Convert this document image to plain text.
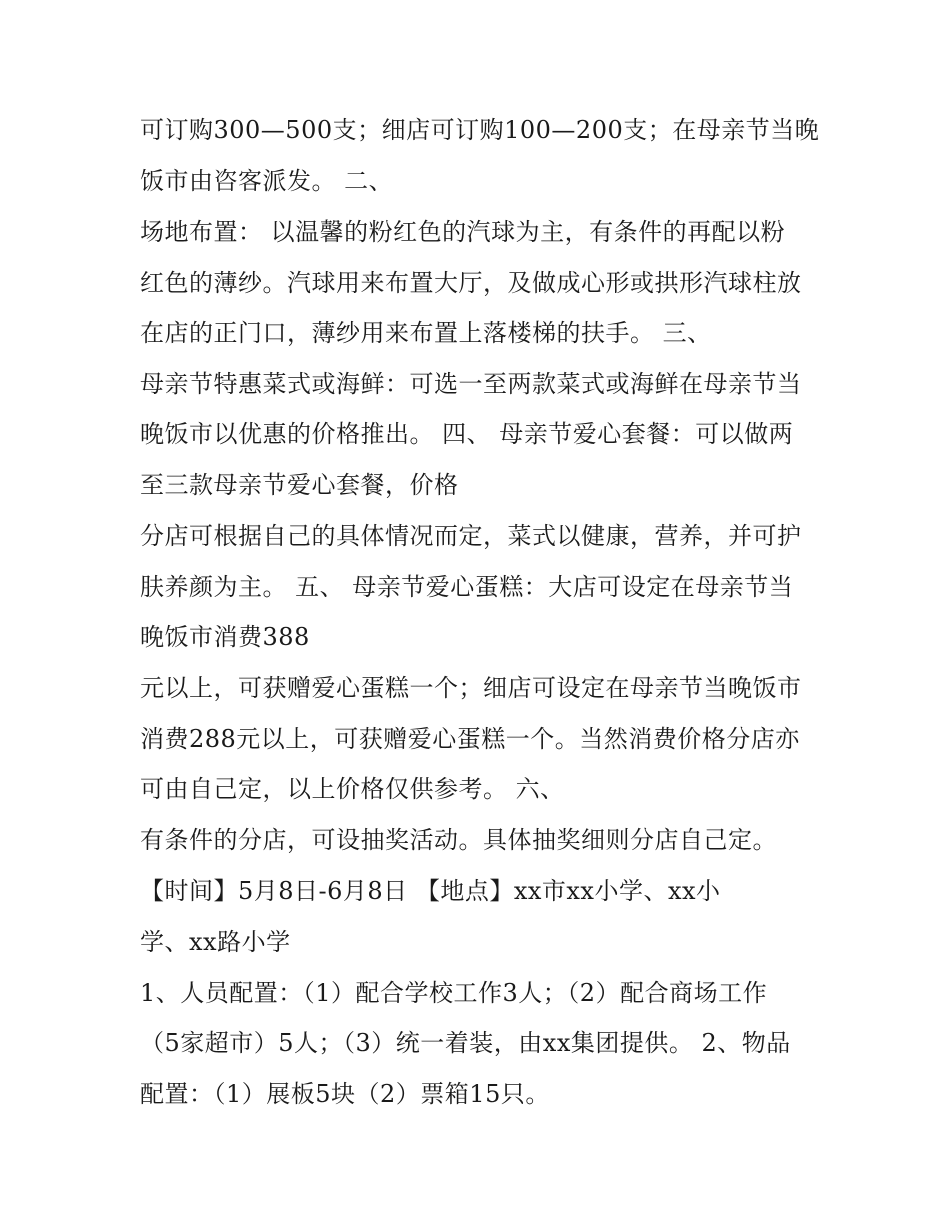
可订购300—500支；细店可订购100—200支；在母亲节当晚
饭市由咨客派发。 二、
场地布置： 以温馨的粉红色的汽球为主，有条件的再配以粉
红色的薄纱。汽球用来布置大厅，及做成心形或拱形汽球柱放
在店的正门口，薄纱用来布置上落楼梯的扶手。 三、
母亲节特惠菜式或海鲜：可选一至两款菜式或海鲜在母亲节当
晚饭市以优惠的价格推出。 四、 母亲节爱心套餐：可以做两
至三款母亲节爱心套餐，价格
分店可根据自己的具体情况而定，菜式以健康，营养，并可护
肤养颜为主。 五、 母亲节爱心蛋糕：大店可设定在母亲节当
晚饭市消费388
元以上，可获赠爱心蛋糕一个；细店可设定在母亲节当晚饭市
消费288元以上，可获赠爱心蛋糕一个。当然消费价格分店亦
可由自己定，以上价格仅供参考。 六、
有条件的分店，可设抽奖活动。具体抽奖细则分店自己定。
【时间】5月8日-6月8日 【地点】xx市xx小学、xx小
学、xx路小学
1、人员配置：（1）配合学校工作3人；（2）配合商场工作
（5家超市）5人；（3）统一着装，由xx集团提供。 2、物品
配置：（1）展板5块（2）票箱15只。
